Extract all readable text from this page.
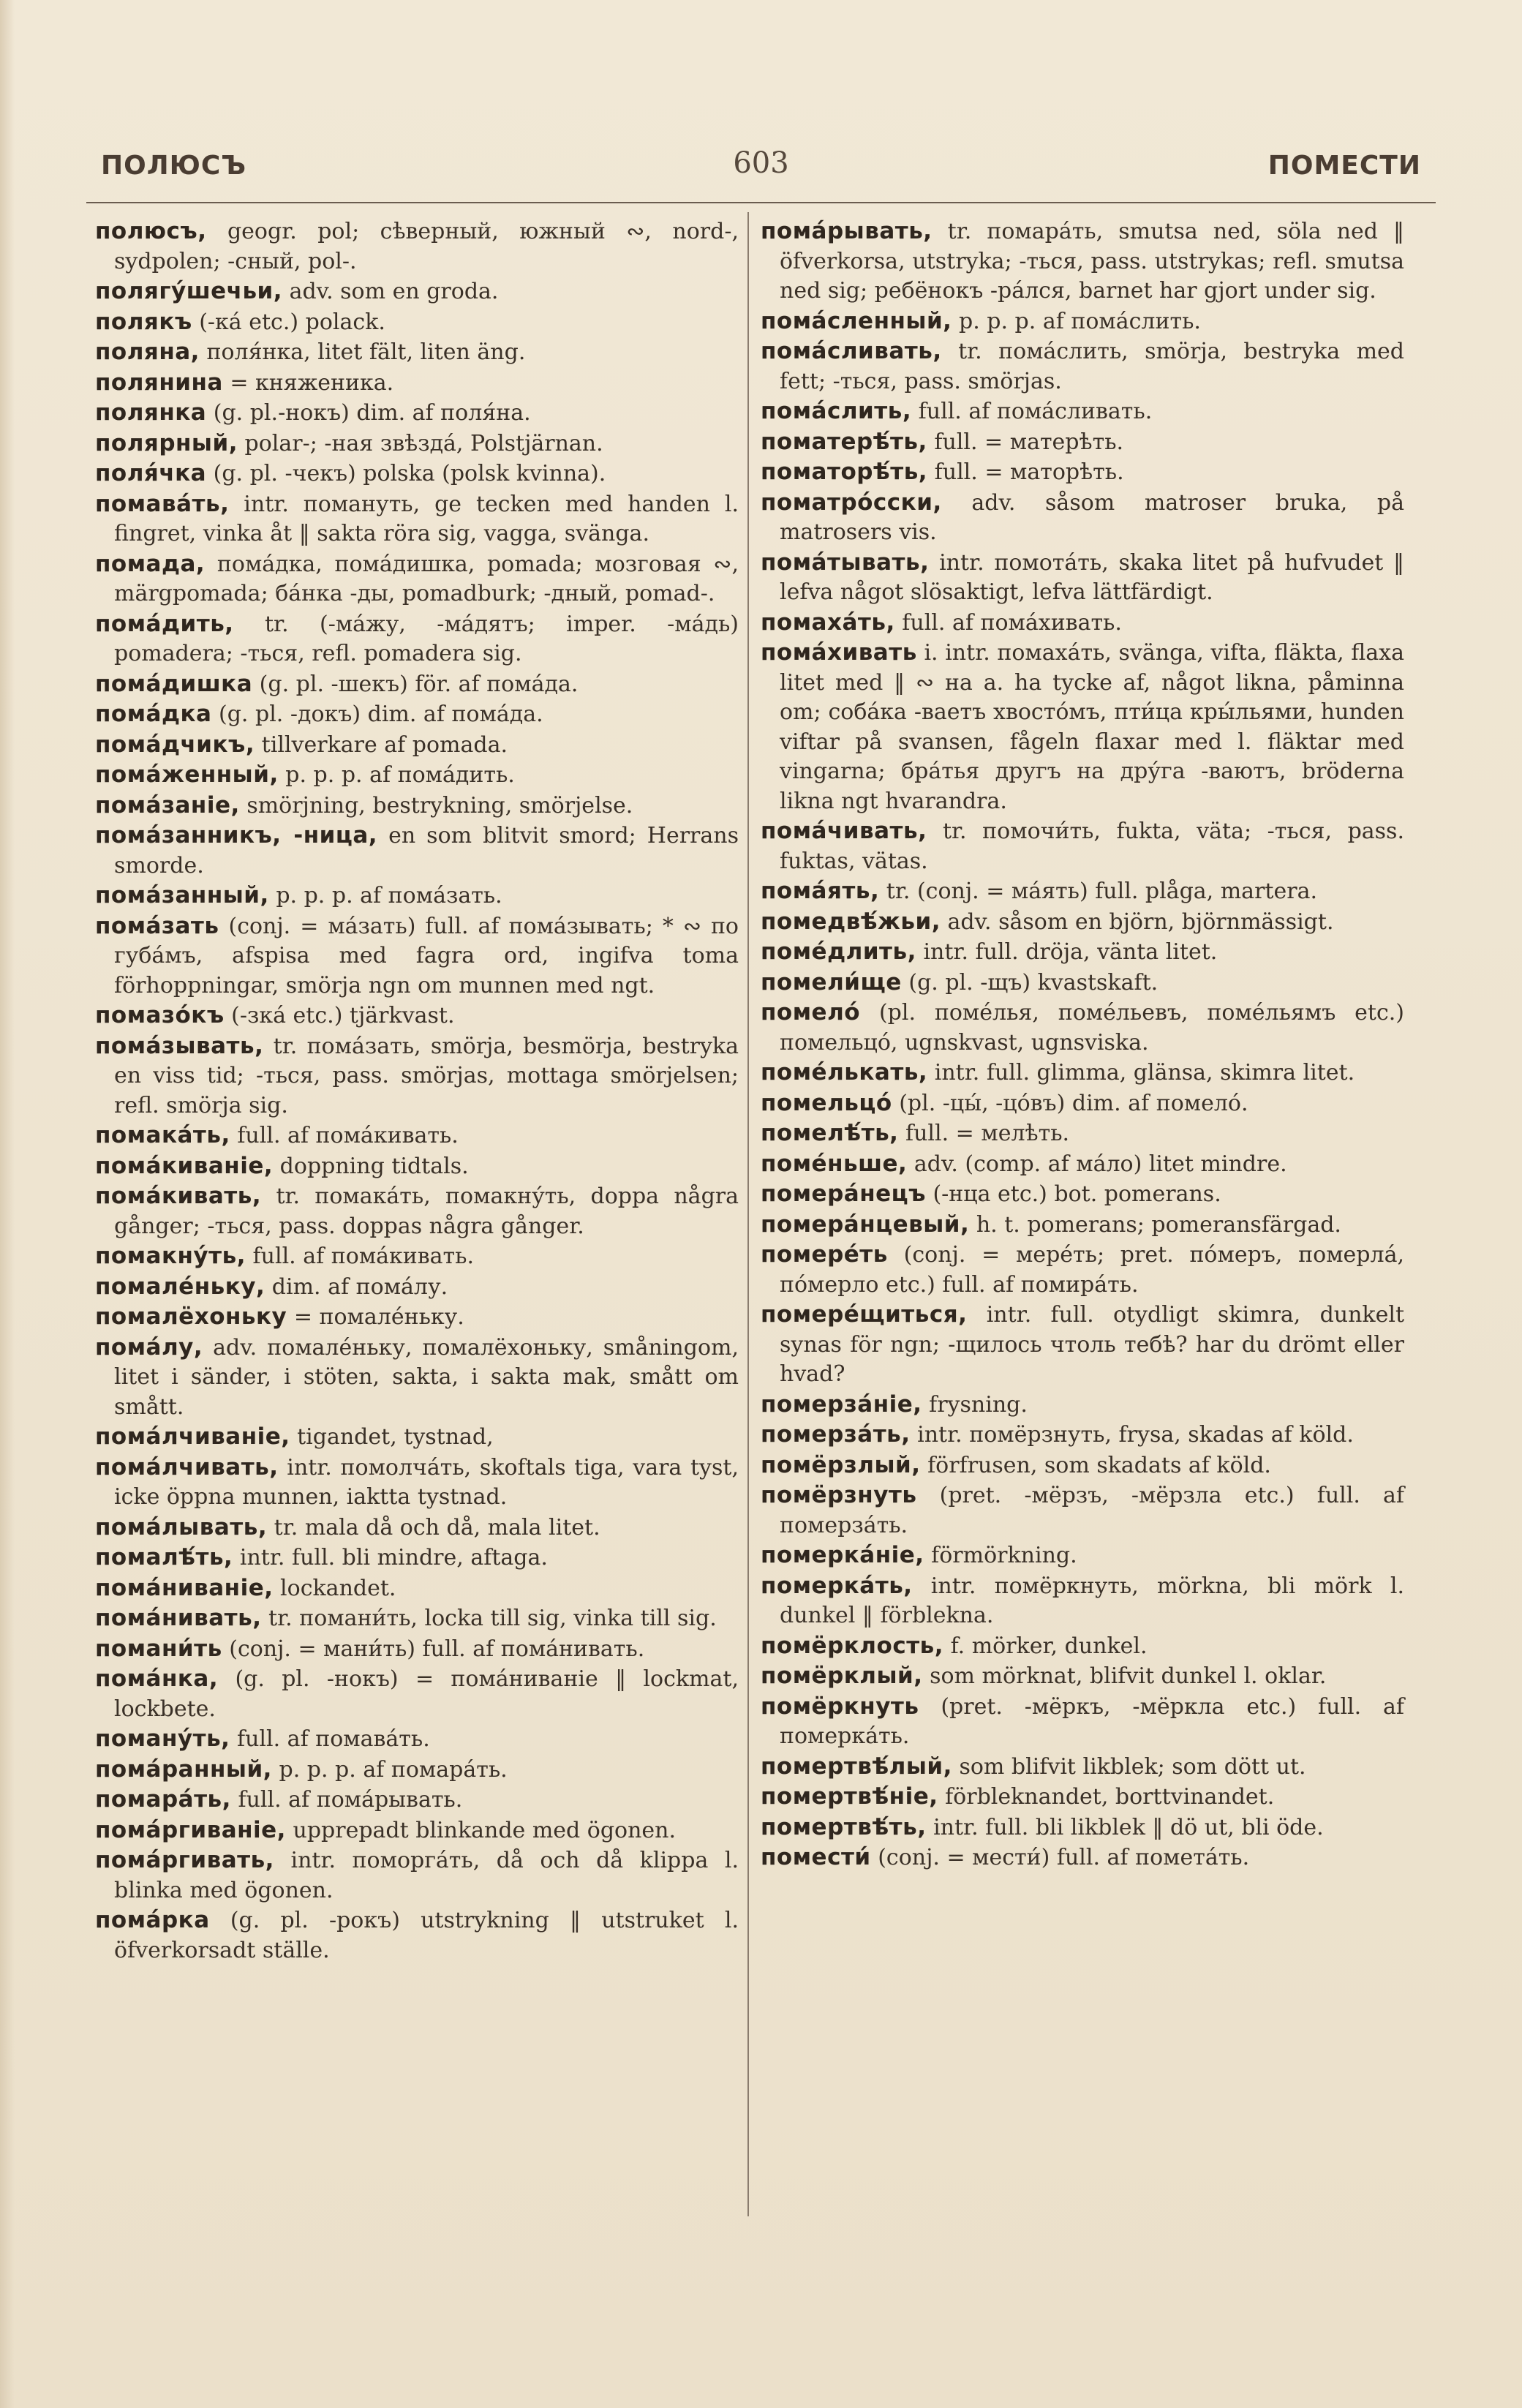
ПОЛЮСЪ	603	ПОМЕСТИ

полюсъ, geogr. pol; сѣверный, южный ∾, nord-, sydpolen; -сный, pol-.

полягу́шечьи, adv. som en groda.

полякъ (-ка́ etc.) polack.

поляна, поля́нка, litet fält, liten äng.

полянина = княженика.

полянка (g. pl.-нокъ) dim. af поля́на.

полярный, polar-; -ная звѣзда́, Polstjärnan.

поля́чка (g. pl. -чекъ) polska (polsk kvinna).

помава́ть, intr. помануть, ge tecken med handen l. fingret, vinka åt ‖ sakta röra sig, vagga, svänga.

помада, пома́дка, пома́дишка, pomada; мозговая ∾, märgpomada; ба́нка -ды, pomadburk; -дный, pomad-.

пома́дить, tr. (-ма́жу, -ма́дятъ; imper. -ма́дь) pomadera; -ться, refl. pomadera sig.

пома́дишка (g. pl. -шекъ) för. af пома́да.

пома́дка (g. pl. -докъ) dim. af пома́да.

пома́дчикъ, tillverkare af pomada.

пома́женный, p. p. p. af пома́дить.

пома́занiе, smörjning, bestrykning, smörjelse.

пома́занникъ, -ница, en som blitvit smord; Herrans smorde.

пома́занный, p. p. p. af пома́зать.

пома́зать (conj. = ма́зать) full. af пома́зывать; * ∾ по губа́мъ, afspisa med fagra ord, ingifva toma förhoppningar, smörja ngn om munnen med ngt.

помазо́къ (-зка́ etc.) tjärkvast.

пома́зывать, tr. пома́зать, smörja, besmörja, bestryka en viss tid; -ться, pass. smörjas, mottaga smörjelsen; refl. smörja sig.

помака́ть, full. af пома́кивать.

пома́киванiе, doppning tidtals.

пома́кивать, tr. помака́ть, помакну́ть, doppa några gånger; -ться, pass. doppas några gånger.

помакну́ть, full. af пома́кивать.

помале́ньку, dim. af пома́лу.

помалёхоньку = помале́ньку.

пома́лу, adv. помале́ньку, помалёхоньку, småningom, litet i sänder, i stöten, sakta, i sakta mak, smått om smått.

пома́лчиванiе, tigandet, tystnad,

пома́лчивать, intr. помолча́ть, skoftals tiga, vara tyst, icke öppna munnen, iaktta tystnad.

пома́лывать, tr. mala då och då, mala litet.

помалѣ́ть, intr. full. bli mindre, aftaga.

пома́ниванiе, lockandet.

пома́нивать, tr. помани́ть, locka till sig, vinka till sig.

помани́ть (conj. = мани́ть) full. af пома́нивать.

пома́нка, (g. pl. -нокъ) = пома́ниванiе ‖ lockmat, lockbete.

поману́ть, full. af помава́ть.

пома́ранный, p. p. p. af помара́ть.

помара́ть, full. af пома́рывать.

пома́ргиванiе, upprepadt blinkande med ögonen.

пома́ргивать, intr. поморга́ть, då och då klippa l. blinka med ögonen.

пома́рка (g. pl. -рокъ) utstrykning ‖ utstruket l. öfverkorsadt ställe.

пома́рывать, tr. помара́ть, smutsa ned, söla ned ‖ öfverkorsa, utstryka; -ться, pass. utstrykas; refl. smutsa ned sig; ребёнокъ -ра́лся, barnet har gjort under sig.

пома́сленный, p. p. p. af пома́слить.

пома́сливать, tr. пома́слить, smörja, bestryka med fett; -ться, pass. smörjas.

пома́слить, full. af пома́сливать.

поматерѣ́ть, full. = матерѣть.

поматорѣ́ть, full. = маторѣть.

поматро́сски, adv. såsom matroser bruka, på matrosers vis.

пома́тывать, intr. помота́ть, skaka litet på hufvudet ‖ lefva något slösaktigt, lefva lättfärdigt.

помаха́ть, full. af пома́хивать.

пома́хивать i. intr. помаха́ть, svänga, vifta, fläkta, flaxa litet med ‖ ∾ на а. ha tycke af, något likna, påminna om; соба́ка -ваетъ хвосто́мъ, пти́ца кры́льями, hunden viftar på svansen, fågeln flaxar med l. fläktar med vingarna; бра́тья другъ на дру́га -ваютъ, bröderna likna ngt hvarandra.

пома́чивать, tr. помочи́ть, fukta, väta; -ться, pass. fuktas, vätas.

пома́ять, tr. (conj. = ма́ять) full. plåga, martera.

помедвѣ́жьи, adv. såsom en björn, björnmässigt.

поме́длить, intr. full. dröja, vänta litet.

помели́ще (g. pl. -щъ) kvastskaft.

помело́ (pl. поме́лья, поме́льевъ, поме́льямъ etc.) помельцо́, ugnskvast, ugnsviska.

поме́лькать, intr. full. glimma, glänsa, skimra litet.

помельцо́ (pl. -цы́, -цо́въ) dim. af помело́.

помелѣ́ть, full. = мелѣть.

поме́ньше, adv. (comp. af ма́ло) litet mindre.

помера́нецъ (-нца etc.) bot. pomerans.

помера́нцевый, h. t. pomerans; pomeransfärgad.

помере́ть (conj. = мере́ть; pret. по́меръ, померла́, по́мерло etc.) full. af помира́ть.

помере́щиться, intr. full. otydligt skimra, dunkelt synas för ngn; -щилось чтоль тебѣ? har du drömt eller hvad?

померза́нiе, frysning.

померза́ть, intr. помёрзнуть, frysa, skadas af köld.

помёрзлый, förfrusen, som skadats af köld.

помёрзнуть (pret. -мёрзъ, -мёрзла etc.) full. af померза́ть.

померка́нiе, förmörkning.

померка́ть, intr. помёркнуть, mörkna, bli mörk l. dunkel ‖ förblekna.

помёрклость, f. mörker, dunkel.

помёрклый, som mörknat, blifvit dunkel l. oklar.

помёркнуть (pret. -мёркъ, -мёркла etc.) full. af померка́ть.

помертвѣ́лый, som blifvit likblek; som dött ut.

помертвѣ́нiе, förbleknandet, borttvinandet.

помертвѣ́ть, intr. full. bli likblek ‖ dö ut, bli öde.

помести́ (conj. = мести́) full. af помета́ть.
